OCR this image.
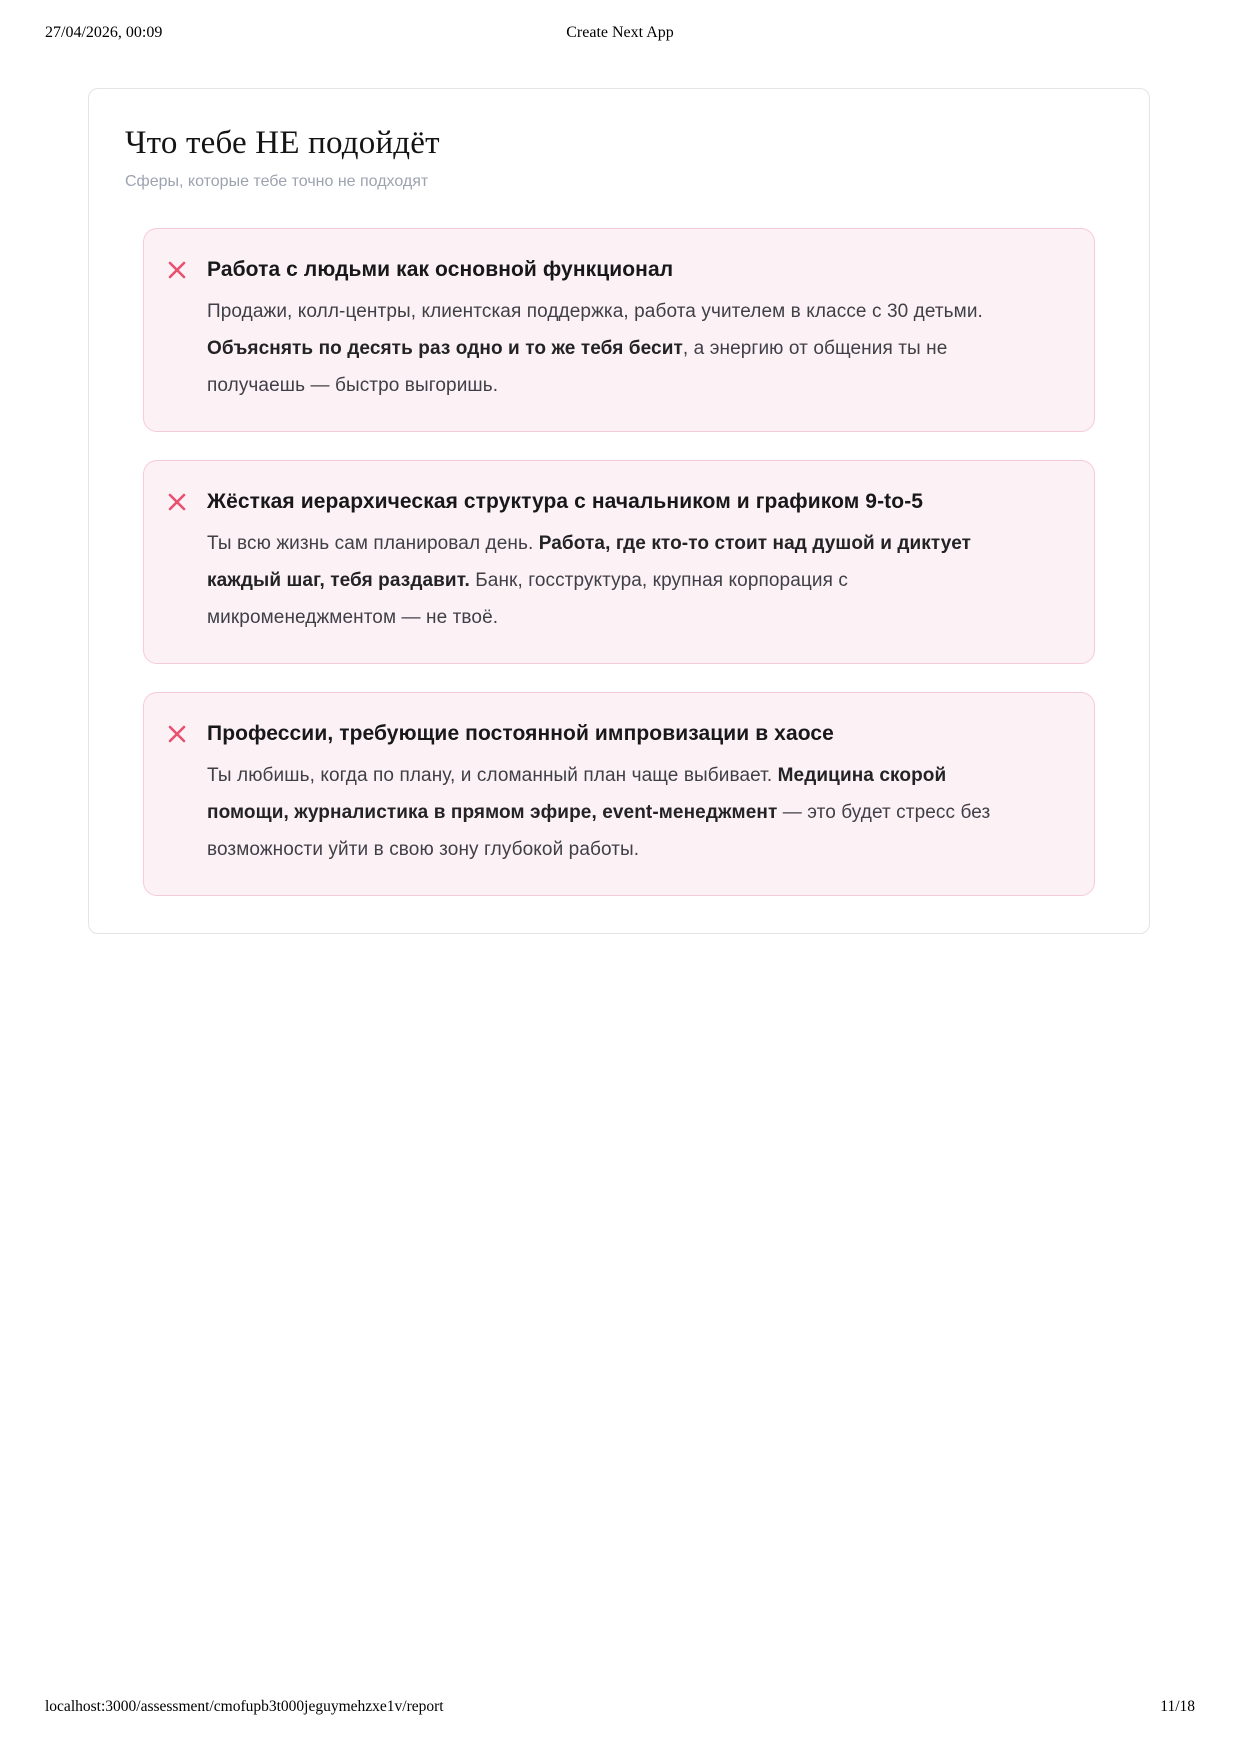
27/04/2026, 00:09	Create Next App
Что тебе НЕ подойдёт
Сферы, которые тебе точно не подходят
Работа с людьми как основной функционал
Продажи, колл-центры, клиентская поддержка, работа учителем в классе с 30 детьми. Объяснять по десять раз одно и то же тебя бесит, а энергию от общения ты не получаешь — быстро выгоришь.
Жёсткая иерархическая структура с начальником и графиком 9-to-5
Ты всю жизнь сам планировал день. Работа, где кто-то стоит над душой и диктует каждый шаг, тебя раздавит. Банк, госструктура, крупная корпорация с микроменеджментом — не твоё.
Профессии, требующие постоянной импровизации в хаосе
Ты любишь, когда по плану, и сломанный план чаще выбивает. Медицина скорой помощи, журналистика в прямом эфире, event-менеджмент — это будет стресс без возможности уйти в свою зону глубокой работы.
localhost:3000/assessment/cmofupb3t000jeguymehzxe1v/report	11/18
